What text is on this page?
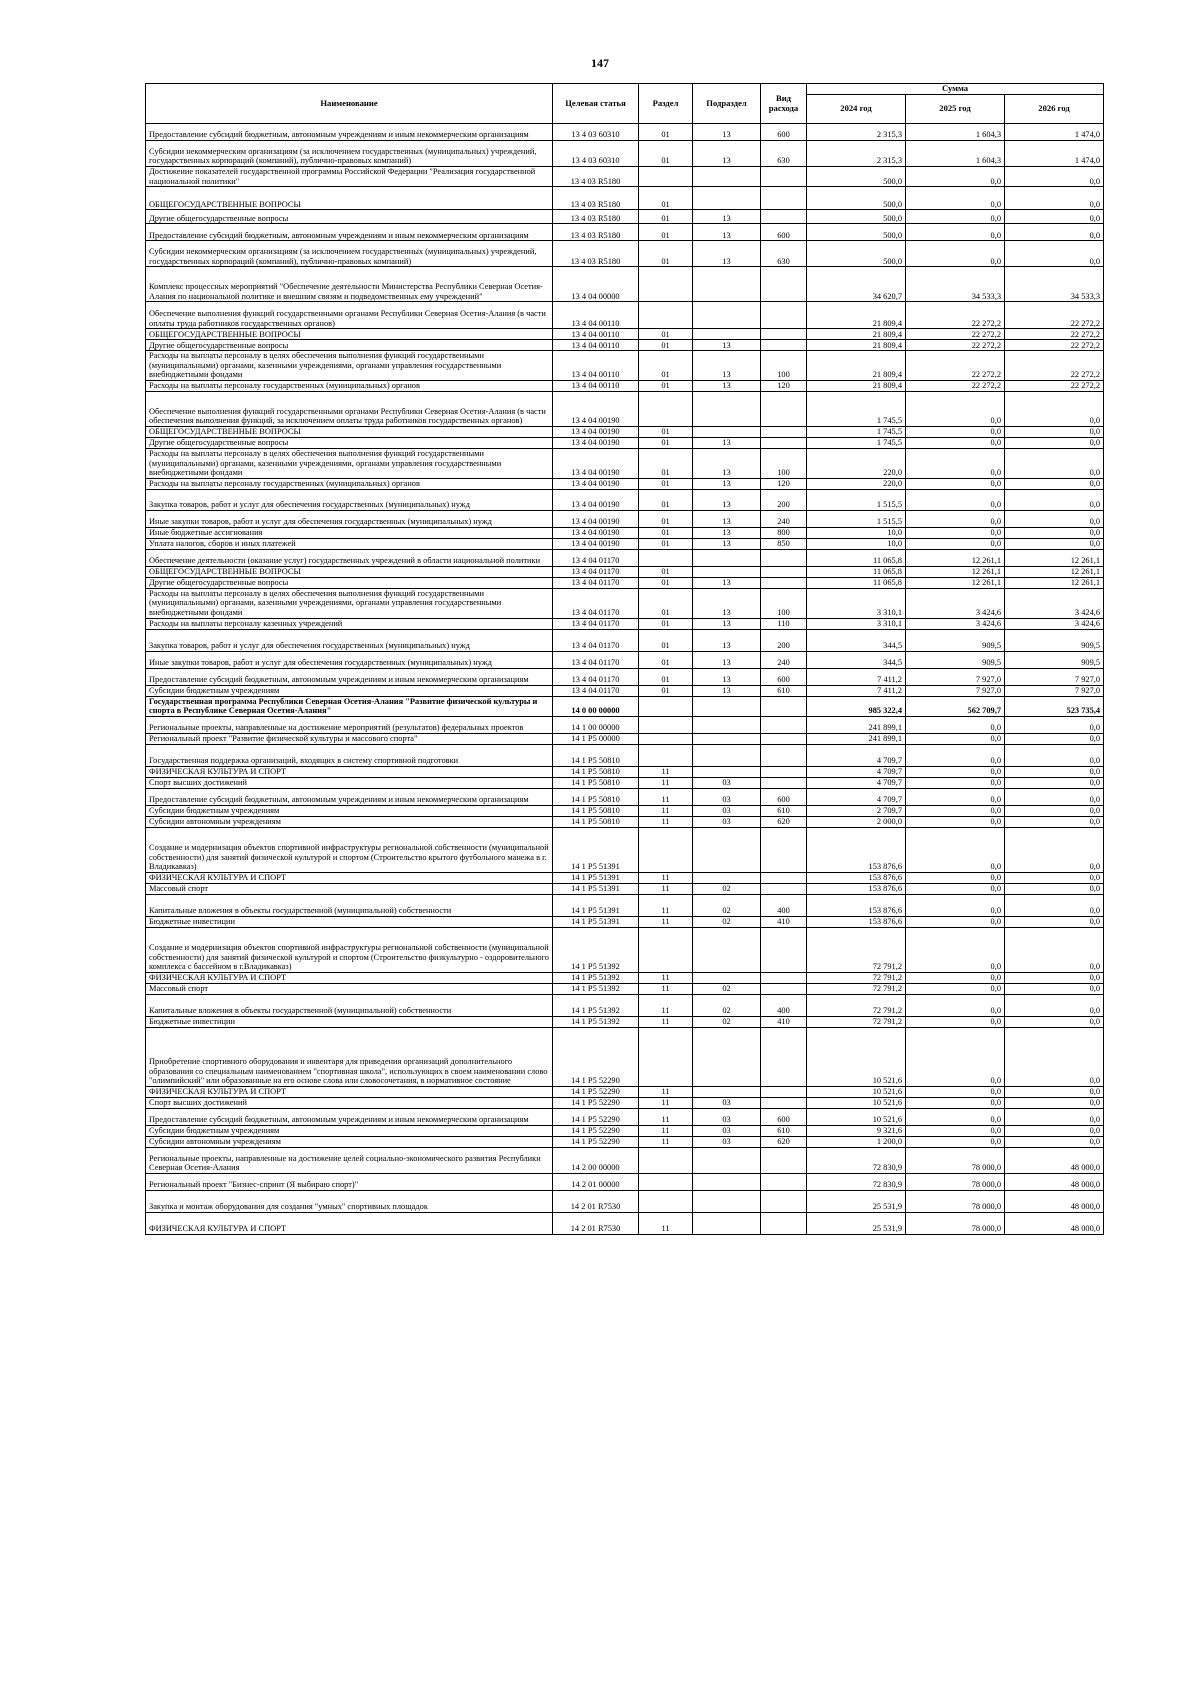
147
Наименование	Целевая статья	Раздел	Подраздел	Вид расхода	Сумма		
					2024 год	2025 год	2026 год
Предоставление субсидий бюджетным, автономным учреждениям и иным некоммерческим организациям	13 4 03 60310	01	13	600	2 315,3	1 604,3	1 474,0
Субсидии некоммерческим организациям (за исключением государственных (муниципальных) учреждений, государственных корпораций (компаний), публично-правовых компаний)	13 4 03 60310	01	13	630	2 315,3	1 604,3	1 474,0
Достижение показателей государственной программы Российской Федерации "Реализация государственной национальной политики"	13 4 03 R5180				500,0	0,0	0,0
ОБЩЕГОСУДАРСТВЕННЫЕ ВОПРОСЫ	13 4 03 R5180	01			500,0	0,0	0,0
Другие общегосударственные вопросы	13 4 03 R5180	01	13		500,0	0,0	0,0
Предоставление субсидий бюджетным, автономным учреждениям и иным некоммерческим организациям	13 4 03 R5180	01	13	600	500,0	0,0	0,0
Субсидии некоммерческим организациям (за исключением государственных (муниципальных) учреждений, государственных корпораций (компаний), публично-правовых компаний)	13 4 03 R5180	01	13	630	500,0	0,0	0,0
Комплекс процессных мероприятий "Обеспечение деятельности Министерства Республики Северная Осетия-Алания по национальной политике и внешним связям и подведомственных ему учреждений"	13 4 04 00000				34 620,7	34 533,3	34 533,3
Обеспечение выполнения функций государственными органами Республики Северная Осетия-Алания (в части оплаты труда работников государственных органов)	13 4 04 00110				21 809,4	22 272,2	22 272,2
ОБЩЕГОСУДАРСТВЕННЫЕ ВОПРОСЫ	13 4 04 00110	01			21 809,4	22 272,2	22 272,2
Другие общегосударственные вопросы	13 4 04 00110	01	13		21 809,4	22 272,2	22 272,2
Расходы на выплаты персоналу в целях обеспечения выполнения функций государственными (муниципальными) органами, казенными учреждениями, органами управления государственными внебюджетными фондами	13 4 04 00110	01	13	100	21 809,4	22 272,2	22 272,2
Расходы на выплаты персоналу государственных (муниципальных) органов	13 4 04 00110	01	13	120	21 809,4	22 272,2	22 272,2
Обеспечение выполнения функций государственными органами Республики Северная Осетия-Алания (в части обеспечения выполнения функций, за исключением оплаты труда работников государственных органов)	13 4 04 00190				1 745,5	0,0	0,0
ОБЩЕГОСУДАРСТВЕННЫЕ ВОПРОСЫ	13 4 04 00190	01			1 745,5	0,0	0,0
Другие общегосударственные вопросы	13 4 04 00190	01	13		1 745,5	0,0	0,0
Расходы на выплаты персоналу в целях обеспечения выполнения функций государственными (муниципальными) органами, казенными учреждениями, органами управления государственными внебюджетными фондами	13 4 04 00190	01	13	100	220,0	0,0	0,0
Расходы на выплаты персоналу государственных (муниципальных) органов	13 4 04 00190	01	13	120	220,0	0,0	0,0
Закупка товаров, работ и услуг для обеспечения государственных (муниципальных) нужд	13 4 04 00190	01	13	200	1 515,5	0,0	0,0
Иные закупки товаров, работ и услуг для обеспечения государственных (муниципальных) нужд	13 4 04 00190	01	13	240	1 515,5	0,0	0,0
Иные бюджетные ассигнования	13 4 04 00190	01	13	800	10,0	0,0	0,0
Уплата налогов, сборов и иных платежей	13 4 04 00190	01	13	850	10,0	0,0	0,0
Обеспечение деятельности (оказание услуг) государственных учреждений в области национальной политики	13 4 04 01170				11 065,8	12 261,1	12 261,1
ОБЩЕГОСУДАРСТВЕННЫЕ ВОПРОСЫ	13 4 04 01170	01			11 065,8	12 261,1	12 261,1
Другие общегосударственные вопросы	13 4 04 01170	01	13		11 065,8	12 261,1	12 261,1
Расходы на выплаты персоналу в целях обеспечения выполнения функций государственными (муниципальными) органами, казенными учреждениями, органами управления государственными внебюджетными фондами	13 4 04 01170	01	13	100	3 310,1	3 424,6	3 424,6
Расходы на выплаты персоналу казенных учреждений	13 4 04 01170	01	13	110	3 310,1	3 424,6	3 424,6
Закупка товаров, работ и услуг для обеспечения государственных (муниципальных) нужд	13 4 04 01170	01	13	200	344,5	909,5	909,5
Иные закупки товаров, работ и услуг для обеспечения государственных (муниципальных) нужд	13 4 04 01170	01	13	240	344,5	909,5	909,5
Предоставление субсидий бюджетным, автономным учреждениям и иным некоммерческим организациям	13 4 04 01170	01	13	600	7 411,2	7 927,0	7 927,0
Субсидии бюджетным учреждениям	13 4 04 01170	01	13	610	7 411,2	7 927,0	7 927,0
Государственная программа Республики Северная Осетия-Алания "Развитие физической культуры и спорта в Республике Северная Осетия-Алания"	14 0 00 00000				985 322,4	562 709,7	523 735,4
Региональные проекты, направленные на достижение мероприятий (результатов) федеральных проектов	14 1 00 00000				241 899,1	0,0	0,0
Региональный проект "Развитие физической культуры и массового спорта"	14 1 P5 00000				241 899,1	0,0	0,0
Государственная поддержка организаций, входящих в систему спортивной подготовки	14 1 P5 50810				4 709,7	0,0	0,0
ФИЗИЧЕСКАЯ КУЛЬТУРА И СПОРТ	14 1 P5 50810	11			4 709,7	0,0	0,0
Спорт высших достижений	14 1 P5 50810	11	03		4 709,7	0,0	0,0
Предоставление субсидий бюджетным, автономным учреждениям и иным некоммерческим организациям	14 1 P5 50810	11	03	600	4 709,7	0,0	0,0
Субсидии бюджетным учреждениям	14 1 P5 50810	11	03	610	2 709,7	0,0	0,0
Субсидии автономным учреждениям	14 1 P5 50810	11	03	620	2 000,0	0,0	0,0
Создание и модернизация объектов спортивной инфраструктуры региональной собственности (муниципальной собственности) для занятий физической культурой и спортом (Строительство крытого футбольного манежа в г. Владикавказ)	14 1 P5 51391				153 876,6	0,0	0,0
ФИЗИЧЕСКАЯ КУЛЬТУРА И СПОРТ	14 1 P5 51391	11			153 876,6	0,0	0,0
Массовый спорт	14 1 P5 51391	11	02		153 876,6	0,0	0,0
Капитальные вложения в объекты государственной (муниципальной) собственности	14 1 P5 51391	11	02	400	153 876,6	0,0	0,0
Бюджетные инвестиции	14 1 P5 51391	11	02	410	153 876,6	0,0	0,0
Создание и модернизация объектов спортивной инфраструктуры региональной собственности (муниципальной собственности) для занятий физической культурой и спортом (Строительство физкультурно - оздоровительного комплекса с бассейном в г.Владикавказ)	14 1 P5 51392				72 791,2	0,0	0,0
ФИЗИЧЕСКАЯ КУЛЬТУРА И СПОРТ	14 1 P5 51392	11			72 791,2	0,0	0,0
Массовый спорт	14 1 P5 51392	11	02		72 791,2	0,0	0,0
Капитальные вложения в объекты государственной (муниципальной) собственности	14 1 P5 51392	11	02	400	72 791,2	0,0	0,0
Бюджетные инвестиции	14 1 P5 51392	11	02	410	72 791,2	0,0	0,0
Приобретение спортивного оборудования и инвентаря для приведения организаций дополнительного образования со специальным наименованием "спортивная школа", использующих в своем наименовании слово "олимпийский" или образованные на его основе слова или словосочетания, в нормативное состояние	14 1 P5 52290				10 521,6	0,0	0,0
ФИЗИЧЕСКАЯ КУЛЬТУРА И СПОРТ	14 1 P5 52290	11			10 521,6	0,0	0,0
Спорт высших достижений	14 1 P5 52290	11	03		10 521,6	0,0	0,0
Предоставление субсидий бюджетным, автономным учреждениям и иным некоммерческим организациям	14 1 P5 52290	11	03	600	10 521,6	0,0	0,0
Субсидии бюджетным учреждениям	14 1 P5 52290	11	03	610	9 321,6	0,0	0,0
Субсидии автономным учреждениям	14 1 P5 52290	11	03	620	1 200,0	0,0	0,0
Региональные проекты, направленные на достижение целей социально-экономического развития Республики Северная Осетия-Алания	14 2 00 00000				72 830,9	78 000,0	48 000,0
Региональный проект "Бизнес-спринт (Я выбираю спорт)"	14 2 01 00000				72 830,9	78 000,0	48 000,0
Закупка и монтаж оборудования для создания "умных" спортивных площадок	14 2 01 R7530				25 531,9	78 000,0	48 000,0
ФИЗИЧЕСКАЯ КУЛЬТУРА И СПОРТ	14 2 01 R7530	11			25 531,9	78 000,0	48 000,0
